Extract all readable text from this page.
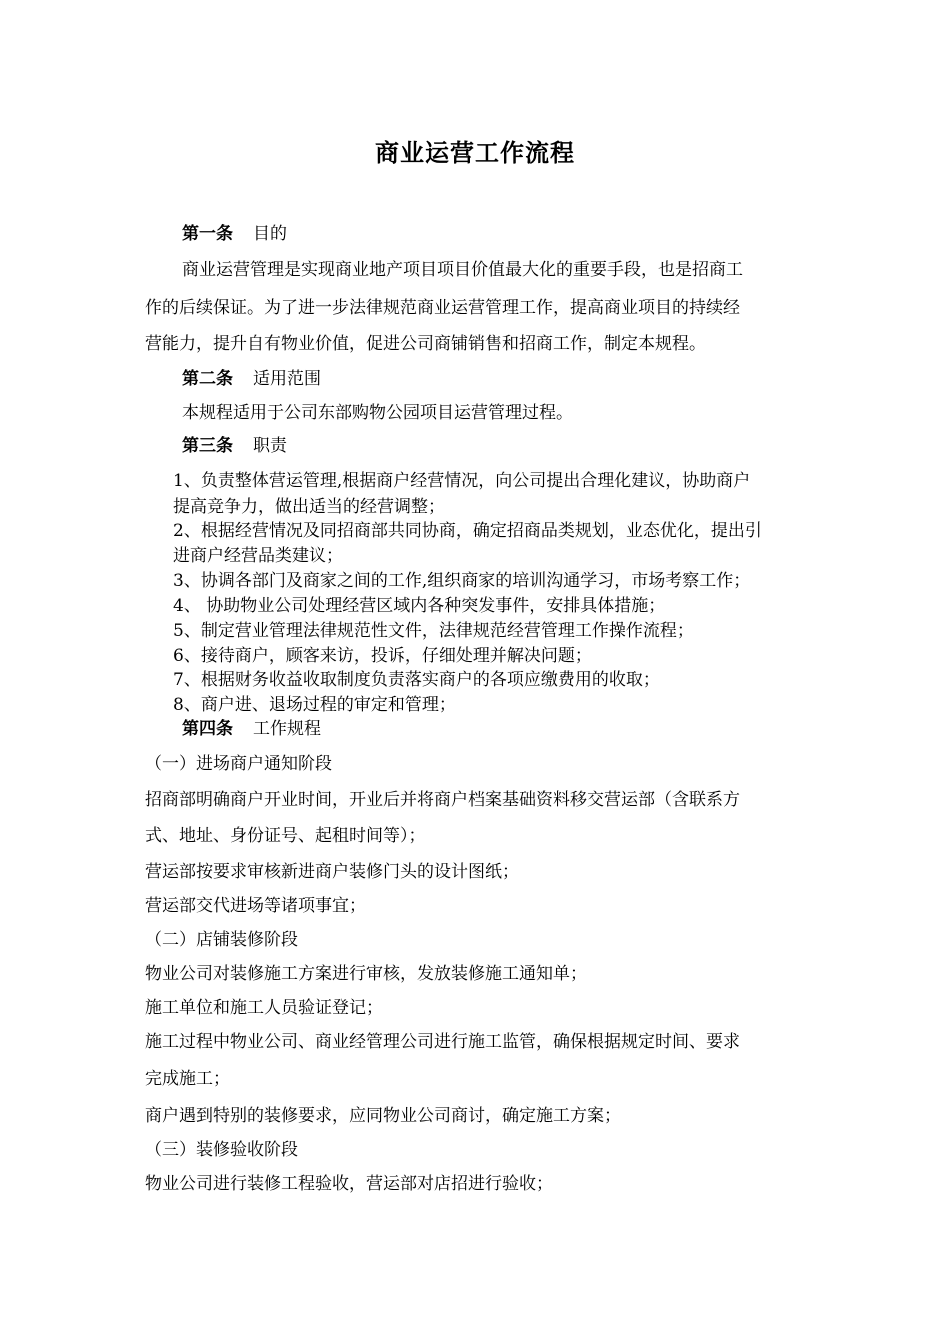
商业运营工作流程
第一条 目的
商业运营管理是实现商业地产项目项目价值最大化的重要手段，也是招商工
作的后续保证。为了进一步法律规范商业运营管理工作，提高商业项目的持续经
营能力，提升自有物业价值，促进公司商铺销售和招商工作，制定本规程。
第二条 适用范围
本规程适用于公司东部购物公园项目运营管理过程。
第三条 职责
1、负责整体营运管理,根据商户经营情况，向公司提出合理化建议，协助商户
提高竞争力，做出适当的经营调整；
2、根据经营情况及同招商部共同协商，确定招商品类规划，业态优化，提出引
进商户经营品类建议；
3、协调各部门及商家之间的工作,组织商家的培训沟通学习，市场考察工作；
4、 协助物业公司处理经营区域内各种突发事件，安排具体措施；
5、制定营业管理法律规范性文件，法律规范经营管理工作操作流程；
6、接待商户，顾客来访，投诉，仔细处理并解决问题；
7、根据财务收益收取制度负责落实商户的各项应缴费用的收取；
8、商户进、退场过程的审定和管理；
第四条 工作规程
（一）进场商户通知阶段
招商部明确商户开业时间，开业后并将商户档案基础资料移交营运部（含联系方
式、地址、身份证号、起租时间等）；
营运部按要求审核新进商户装修门头的设计图纸；
营运部交代进场等诸项事宜；
（二）店铺装修阶段
物业公司对装修施工方案进行审核，发放装修施工通知单；
施工单位和施工人员验证登记；
施工过程中物业公司、商业经管理公司进行施工监管，确保根据规定时间、要求
完成施工；
商户遇到特别的装修要求，应同物业公司商讨，确定施工方案；
（三）装修验收阶段
物业公司进行装修工程验收，营运部对店招进行验收；
